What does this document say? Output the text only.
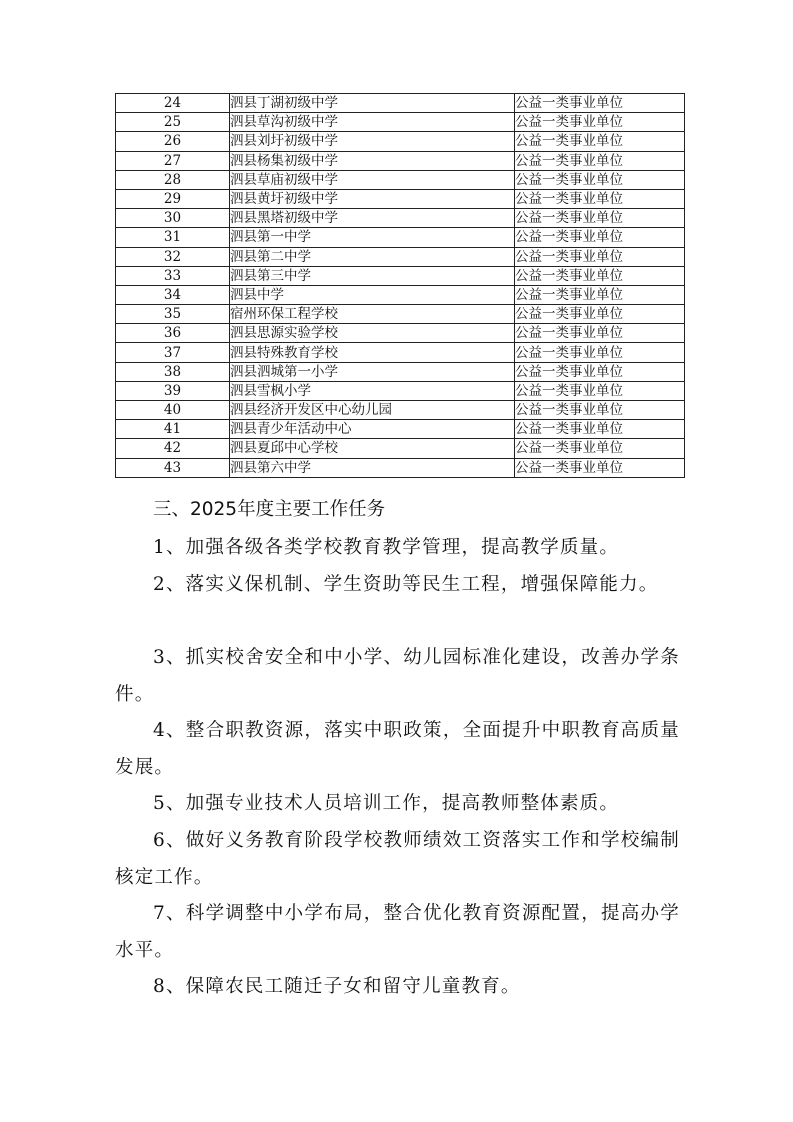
24	泗县丁湖初级中学	公益一类事业单位
25	泗县草沟初级中学	公益一类事业单位
26	泗县刘圩初级中学	公益一类事业单位
27	泗县杨集初级中学	公益一类事业单位
28	泗县草庙初级中学	公益一类事业单位
29	泗县黄圩初级中学	公益一类事业单位
30	泗县黑塔初级中学	公益一类事业单位
31	泗县第一中学	公益一类事业单位
32	泗县第二中学	公益一类事业单位
33	泗县第三中学	公益一类事业单位
34	泗县中学	公益一类事业单位
35	宿州环保工程学校	公益一类事业单位
36	泗县思源实验学校	公益一类事业单位
37	泗县特殊教育学校	公益一类事业单位
38	泗县泗城第一小学	公益一类事业单位
39	泗县雪枫小学	公益一类事业单位
40	泗县经济开发区中心幼儿园	公益一类事业单位
41	泗县青少年活动中心	公益一类事业单位
42	泗县夏邱中心学校	公益一类事业单位
43	泗县第六中学	公益一类事业单位
三、2025年度主要工作任务

1、加强各级各类学校教育教学管理，提高教学质量。

2、落实义保机制、学生资助等民生工程，增强保障能力。

3、抓实校舍安全和中小学、幼儿园标准化建设，改善办学条件。

4、整合职教资源，落实中职政策，全面提升中职教育高质量发展。

5、加强专业技术人员培训工作，提高教师整体素质。

6、做好义务教育阶段学校教师绩效工资落实工作和学校编制核定工作。

7、科学调整中小学布局，整合优化教育资源配置，提高办学水平。

8、保障农民工随迁子女和留守儿童教育。
